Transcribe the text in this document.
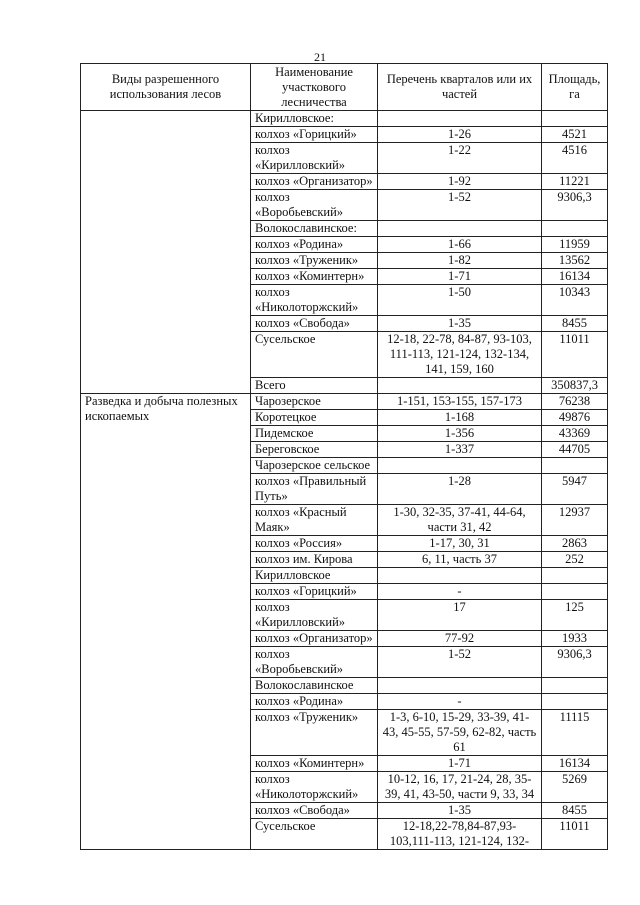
21
Виды разрешенного использования лесов	Наименование участкового лесничества	Перечень кварталов или их частей	Площадь, га
	Кирилловское:		
	колхоз «Горицкий»	1-26	4521
	колхоз «Кирилловский»	1-22	4516
	колхоз «Организатор»	1-92	11221
	колхоз «Воробьевский»	1-52	9306,3
	Волокославинское:		
	колхоз «Родина»	1-66	11959
	колхоз «Труженик»	1-82	13562
	колхоз «Коминтерн»	1-71	16134
	колхоз «Николоторжский»	1-50	10343
	колхоз «Свобода»	1-35	8455
	Сусельское	12-18, 22-78, 84-87, 93-103, 111-113, 121-124, 132-134, 141, 159, 160	11011
	Всего		350837,3
Разведка и добыча полезных ископаемых	Чарозерское	1-151, 153-155, 157-173	76238
	Коротецкое	1-168	49876
	Пидемское	1-356	43369
	Береговское	1-337	44705
	Чарозерское сельское		
	колхоз «Правильный Путь»	1-28	5947
	колхоз «Красный Маяк»	1-30, 32-35, 37-41, 44-64, части 31, 42	12937
	колхоз «Россия»	1-17, 30, 31	2863
	колхоз им. Кирова	6, 11, часть 37	252
	Кирилловское		
	колхоз «Горицкий»	-	
	колхоз «Кирилловский»	17	125
	колхоз «Организатор»	77-92	1933
	колхоз «Воробьевский»	1-52	9306,3
	Волокославинское		
	колхоз «Родина»	-	
	колхоз «Труженик»	1-3, 6-10, 15-29, 33-39, 41-43, 45-55, 57-59, 62-82, часть 61	11115
	колхоз «Коминтерн»	1-71	16134
	колхоз «Николоторжский»	10-12, 16, 17, 21-24, 28, 35-39, 41, 43-50, части 9, 33, 34	5269
	колхоз «Свобода»	1-35	8455
	Сусельское	12-18,22-78,84-87,93-103,111-113, 121-124, 132-	11011
